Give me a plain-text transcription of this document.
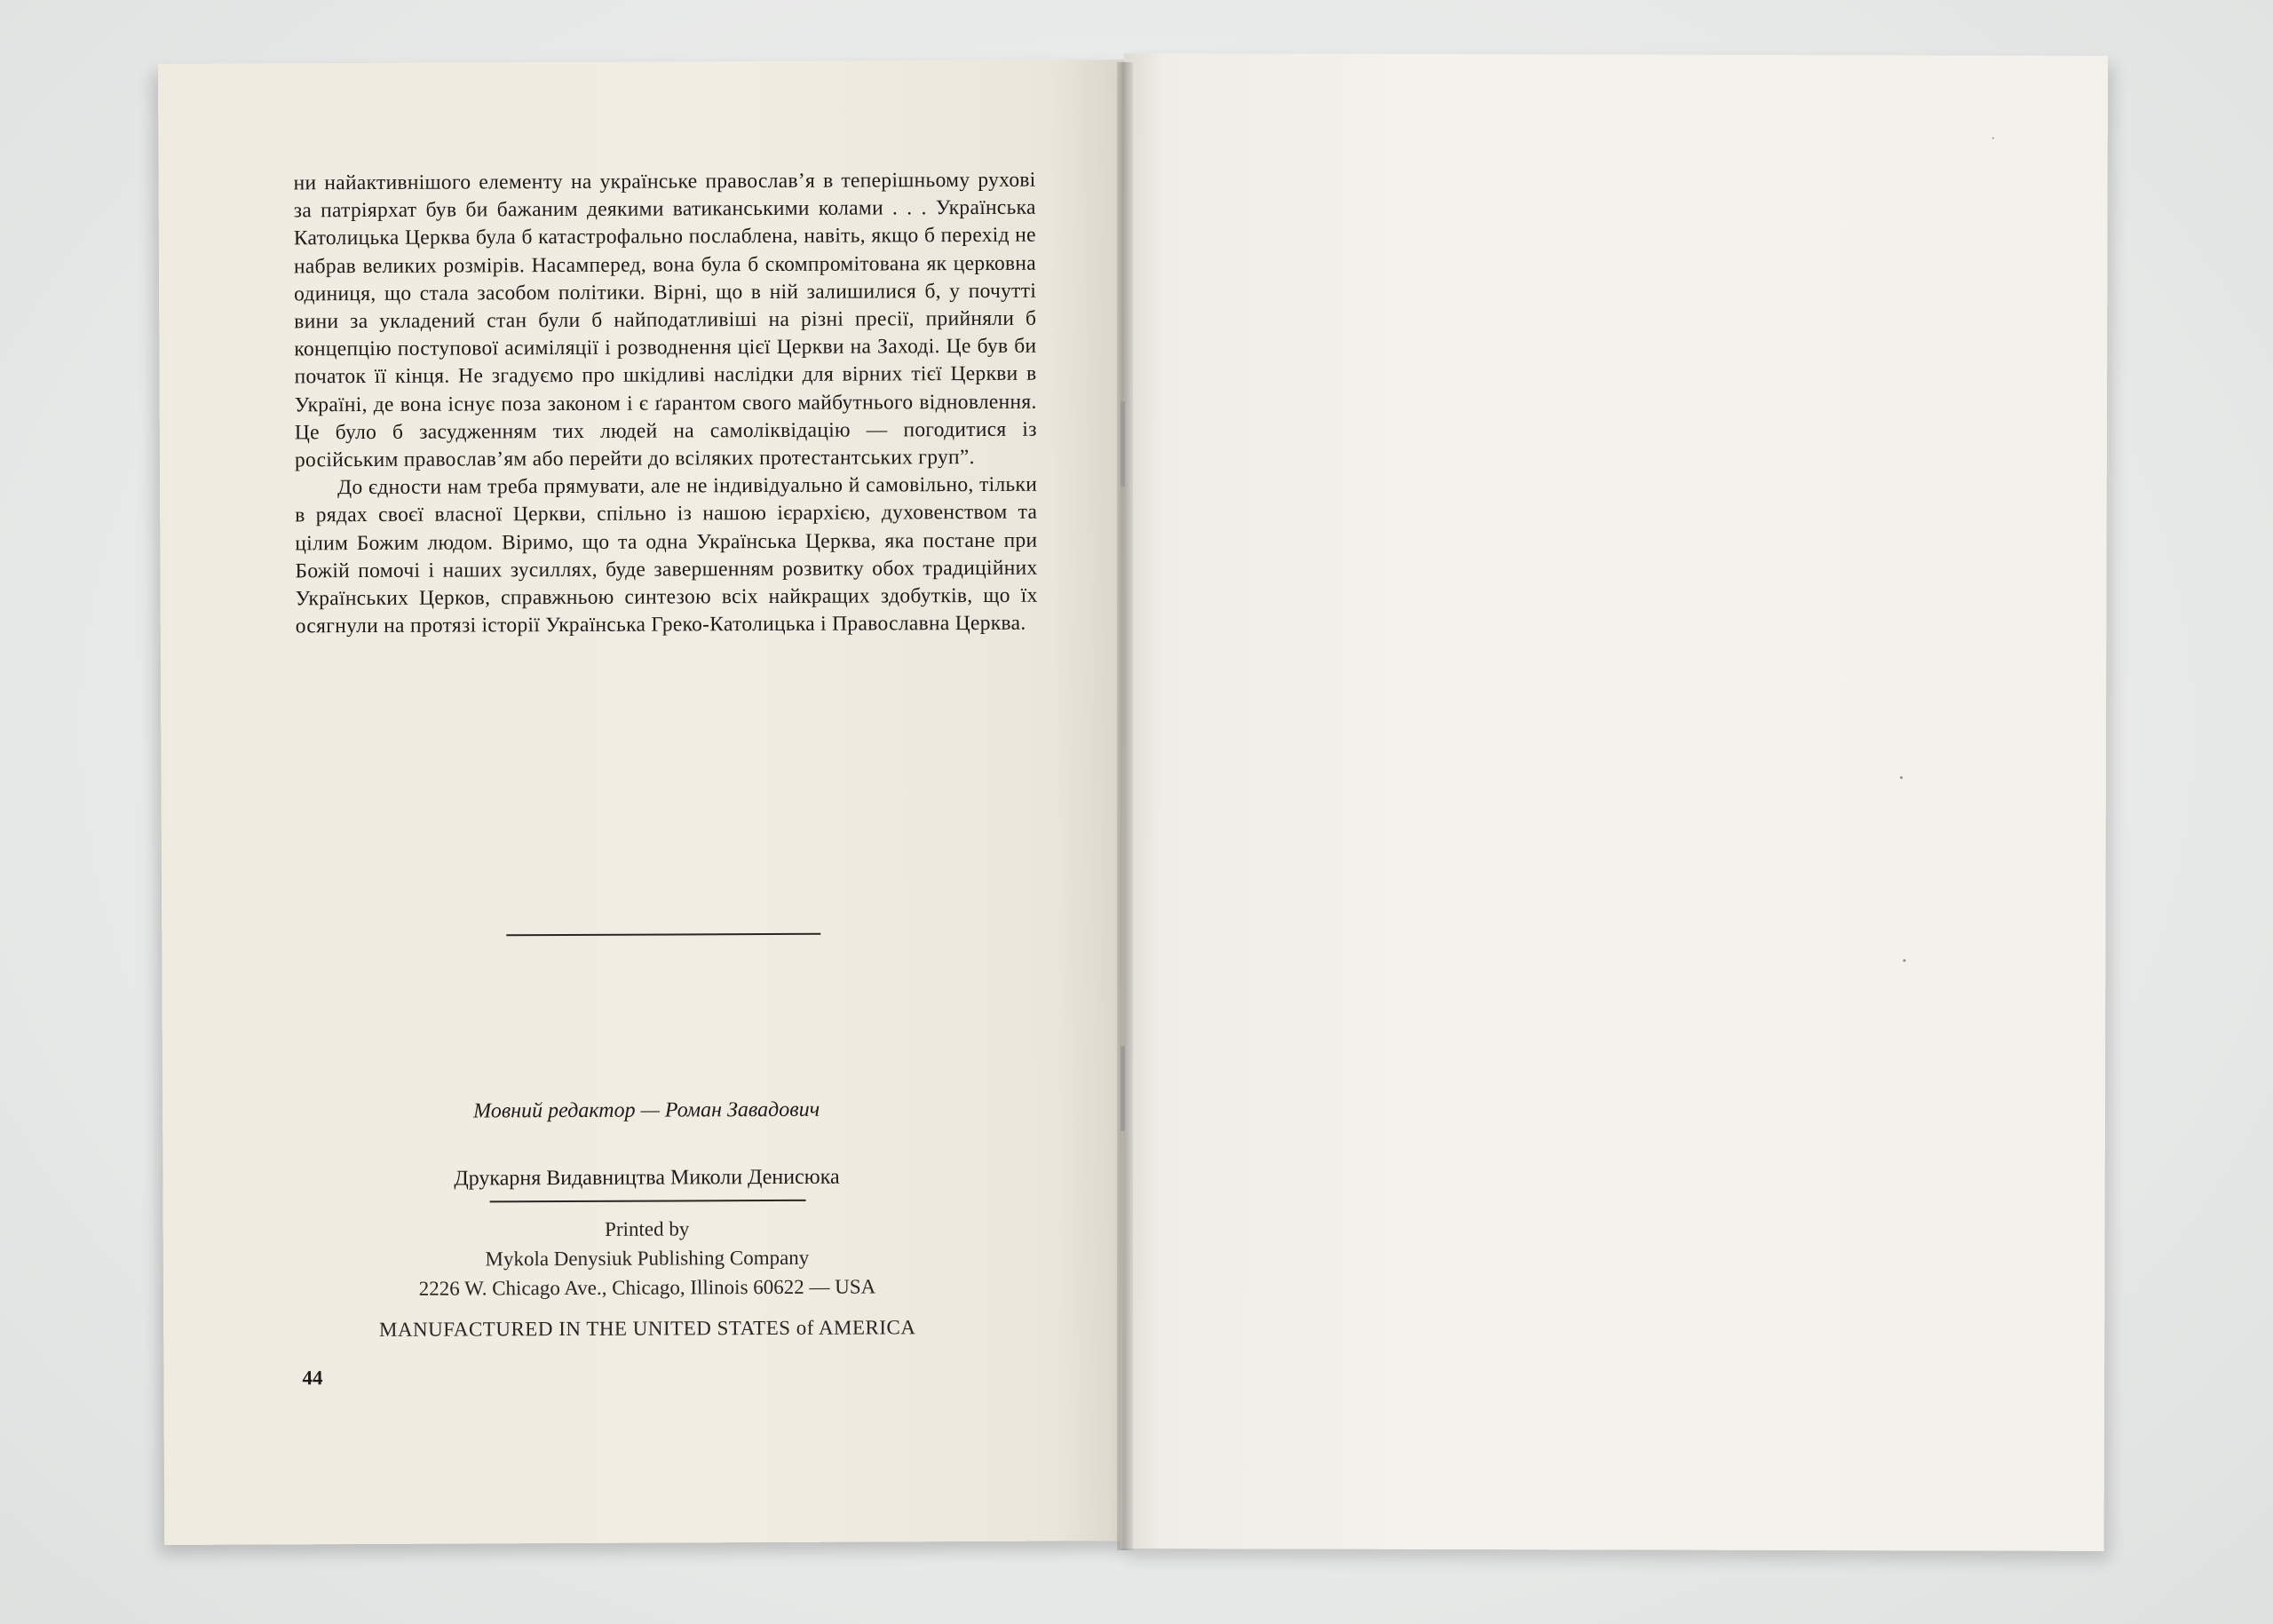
ни найактивнішого елементу на українське православ’я в теперішньому рухові за патріярхат був би бажаним деякими ватиканськими колами . . . Українська Католицька Церква була б катастрофально послаблена, навіть, якщо б перехід не набрав великих розмірів. Насамперед, вона була б скомпромітована як церковна одиниця, що стала засобом політики. Вірні, що в ній залишилися б, у почутті вини за укладений стан були б найподатливіші на різні пресії, прийняли б концепцію поступової асиміляції і розводнення цієї Церкви на Заході. Це був би початок її кінця. Не згадуємо про шкідливі наслідки для вірних тієї Церкви в Україні, де вона існує поза законом і є ґарантом свого майбутнього відновлення. Це було б засудженням тих людей на самоліквідацію — погодитися із російським православ’ям або перейти до всіляких протестантських груп”.

До єдности нам треба прямувати, але не індивідуально й самовільно, тільки в рядах своєї власної Церкви, спільно із нашою ієрархією, духовенством та цілим Божим людом. Віримо, що та одна Українська Церква, яка постане при Божій помочі і наших зусиллях, буде завершенням розвитку обох традиційних Українських Церков, справжньою синтезою всіх найкращих здобутків, що їх осягнули на протязі історії Українська Греко-Католицька і Православна Церква.

Мовний редактор — Роман Завадович
Друкарня Видавництва Миколи Денисюка
Printed by
Mykola Denysiuk Publishing Company
2226 W. Chicago Ave., Chicago, Illinois 60622 — USA
MANUFACTURED IN THE UNITED STATES of AMERICA
44
